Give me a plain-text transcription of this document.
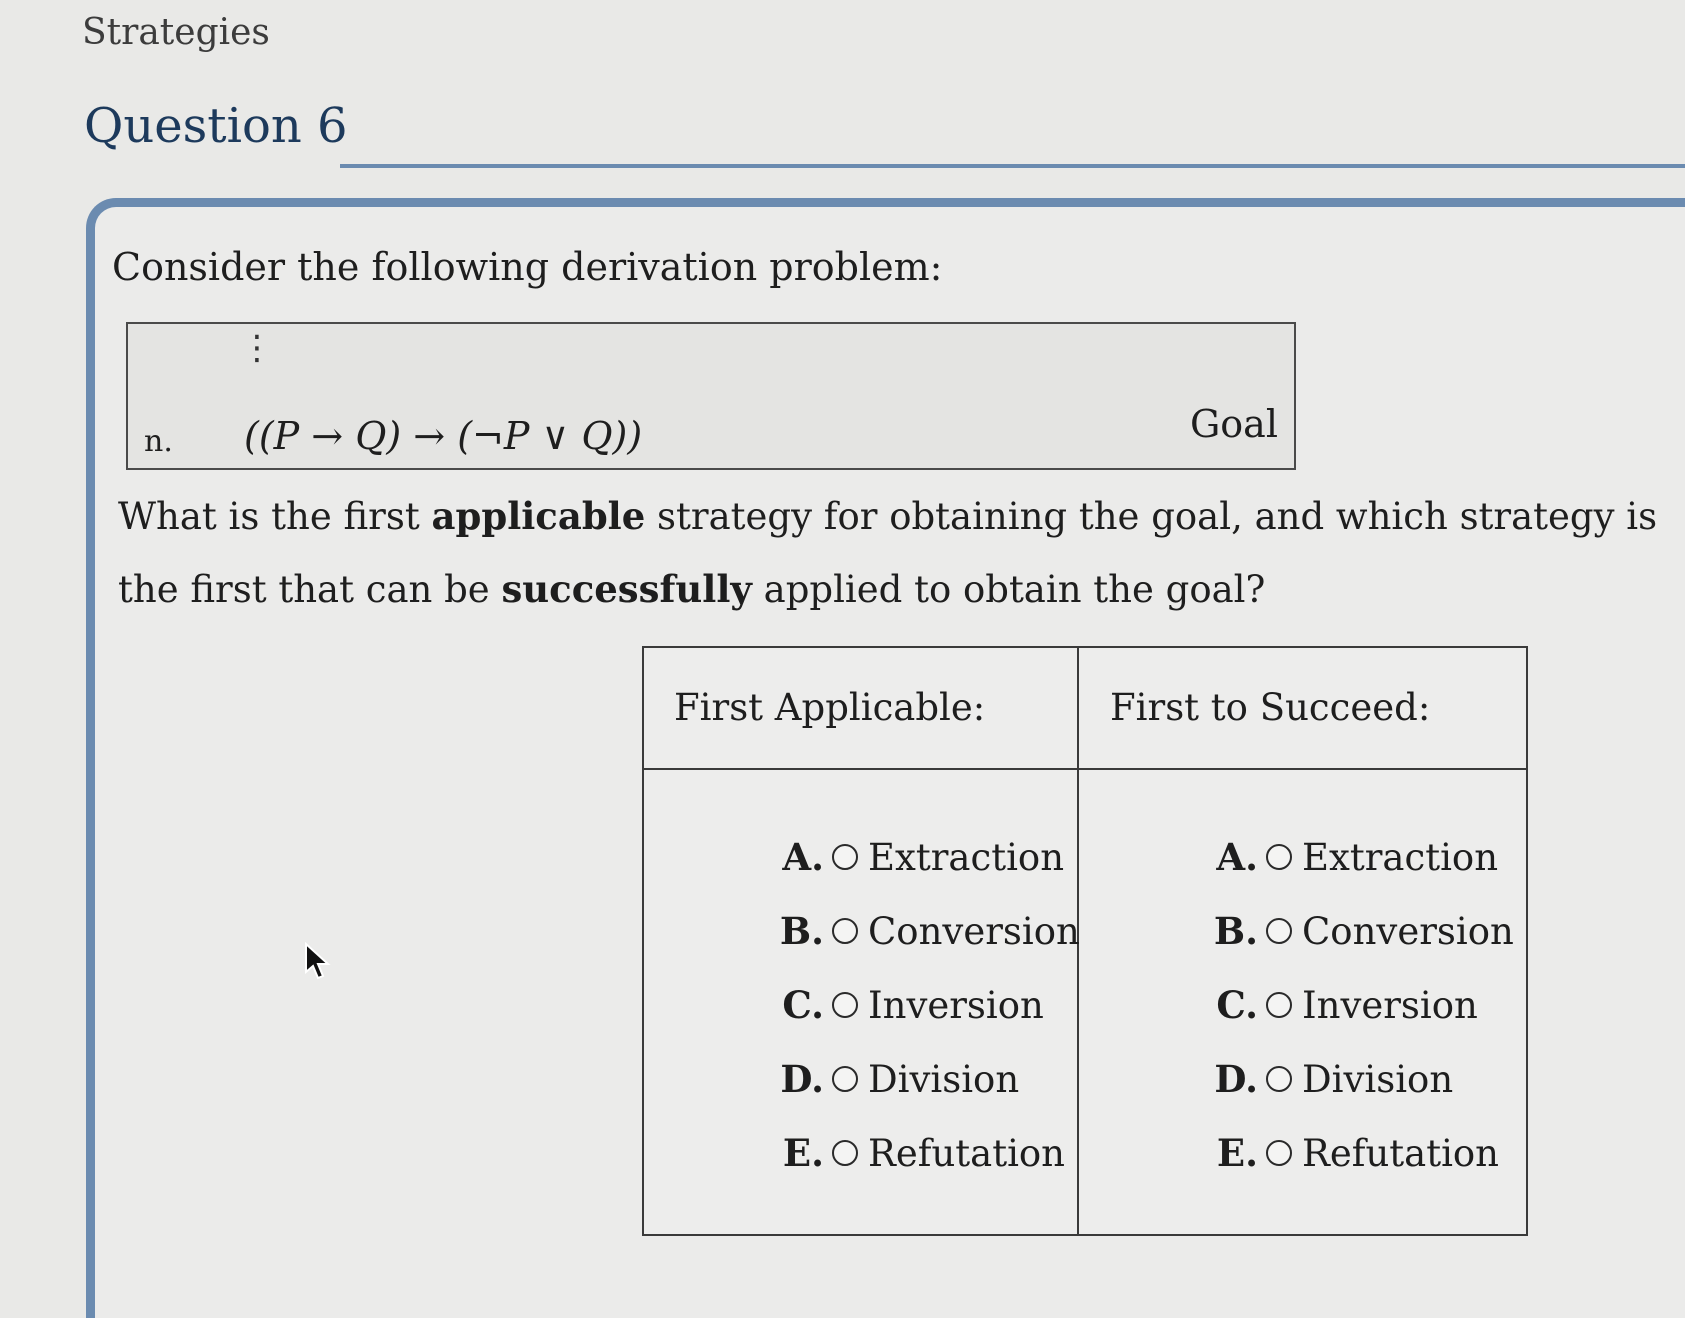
Strategies
Question 6
Consider the following derivation problem:
⋮
n. ((P → Q) → (¬P ∨ Q))	Goal
What is the first applicable strategy for obtaining the goal, and which strategy is the first that can be successfully applied to obtain the goal?
First Applicable:	First to Succeed:
A. Extraction
B. Conversion
C. Inversion
D. Division
E. Refutation
A. Extraction
B. Conversion
C. Inversion
D. Division
E. Refutation
